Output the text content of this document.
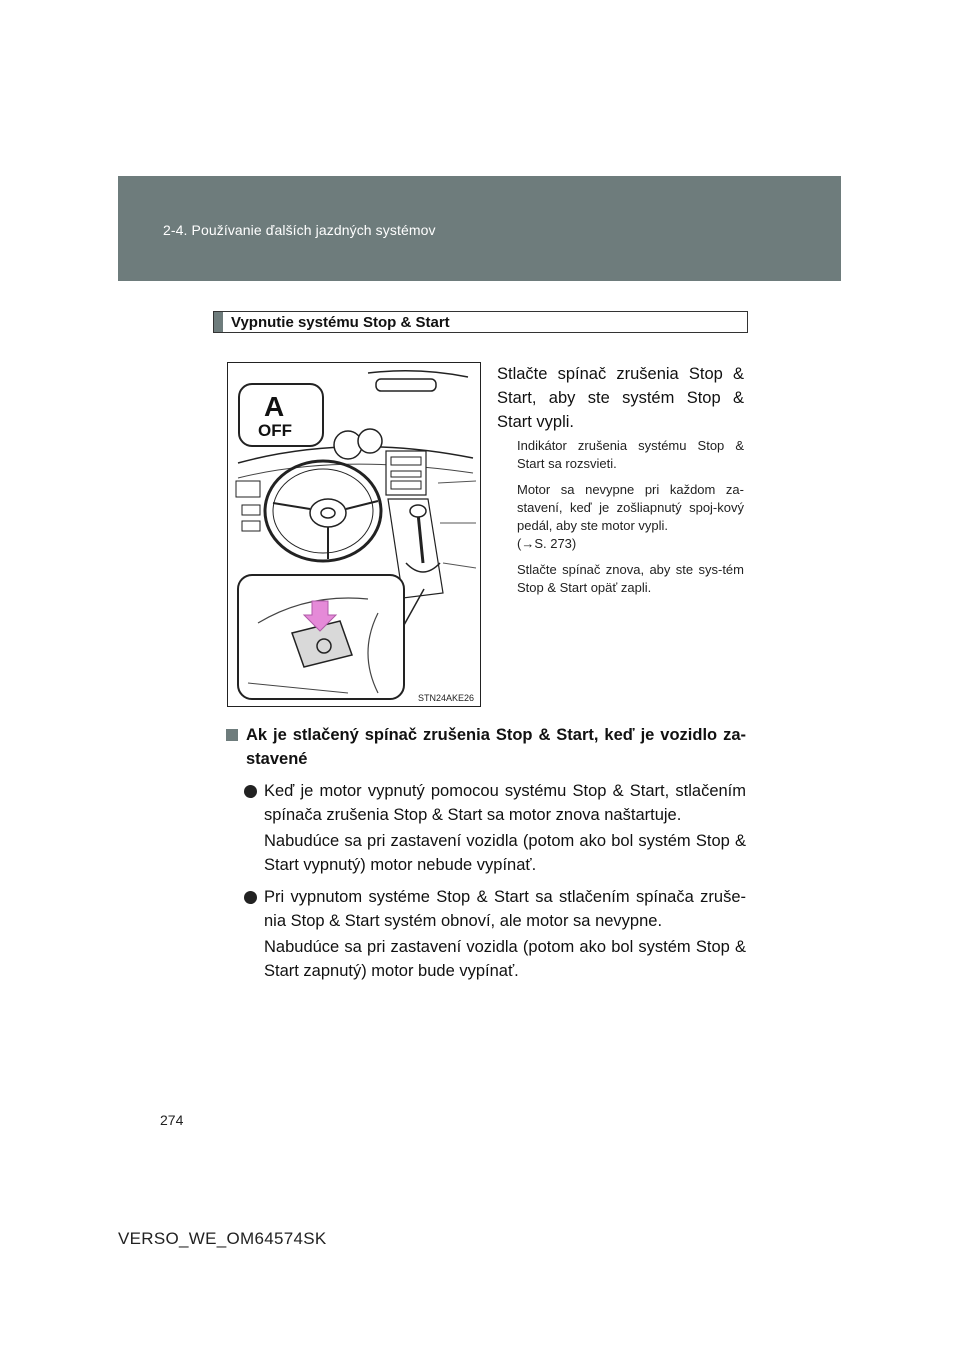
2-4. Používanie ďalších jazdných systémov
Vypnutie systému Stop & Start
A
OFF
STN24AKE26
Stlačte spínač zrušenia Stop & Start, aby ste systém Stop & Start vypli.
Indikátor zrušenia systému Stop & Start sa rozsvieti.
Motor sa nevypne pri každom za-stavení, keď je zošliapnutý spoj-kový pedál, aby ste motor vypli.
(→S. 273)
Stlačte spínač znova, aby ste sys-tém Stop & Start opäť zapli.
Ak je stlačený spínač zrušenia Stop & Start, keď je vozidlo za-stavené

Keď je motor vypnutý pomocou systému Stop & Start, stlačením spínača zrušenia Stop & Start sa motor znova naštartuje.

Nabudúce sa pri zastavení vozidla (potom ako bol systém Stop & Start vypnutý) motor nebude vypínať.

Pri vypnutom systéme Stop & Start sa stlačením spínača zruše-nia Stop & Start systém obnoví, ale motor sa nevypne.

Nabudúce sa pri zastavení vozidla (potom ako bol systém Stop & Start zapnutý) motor bude vypínať.

274
VERSO_WE_OM64574SK
